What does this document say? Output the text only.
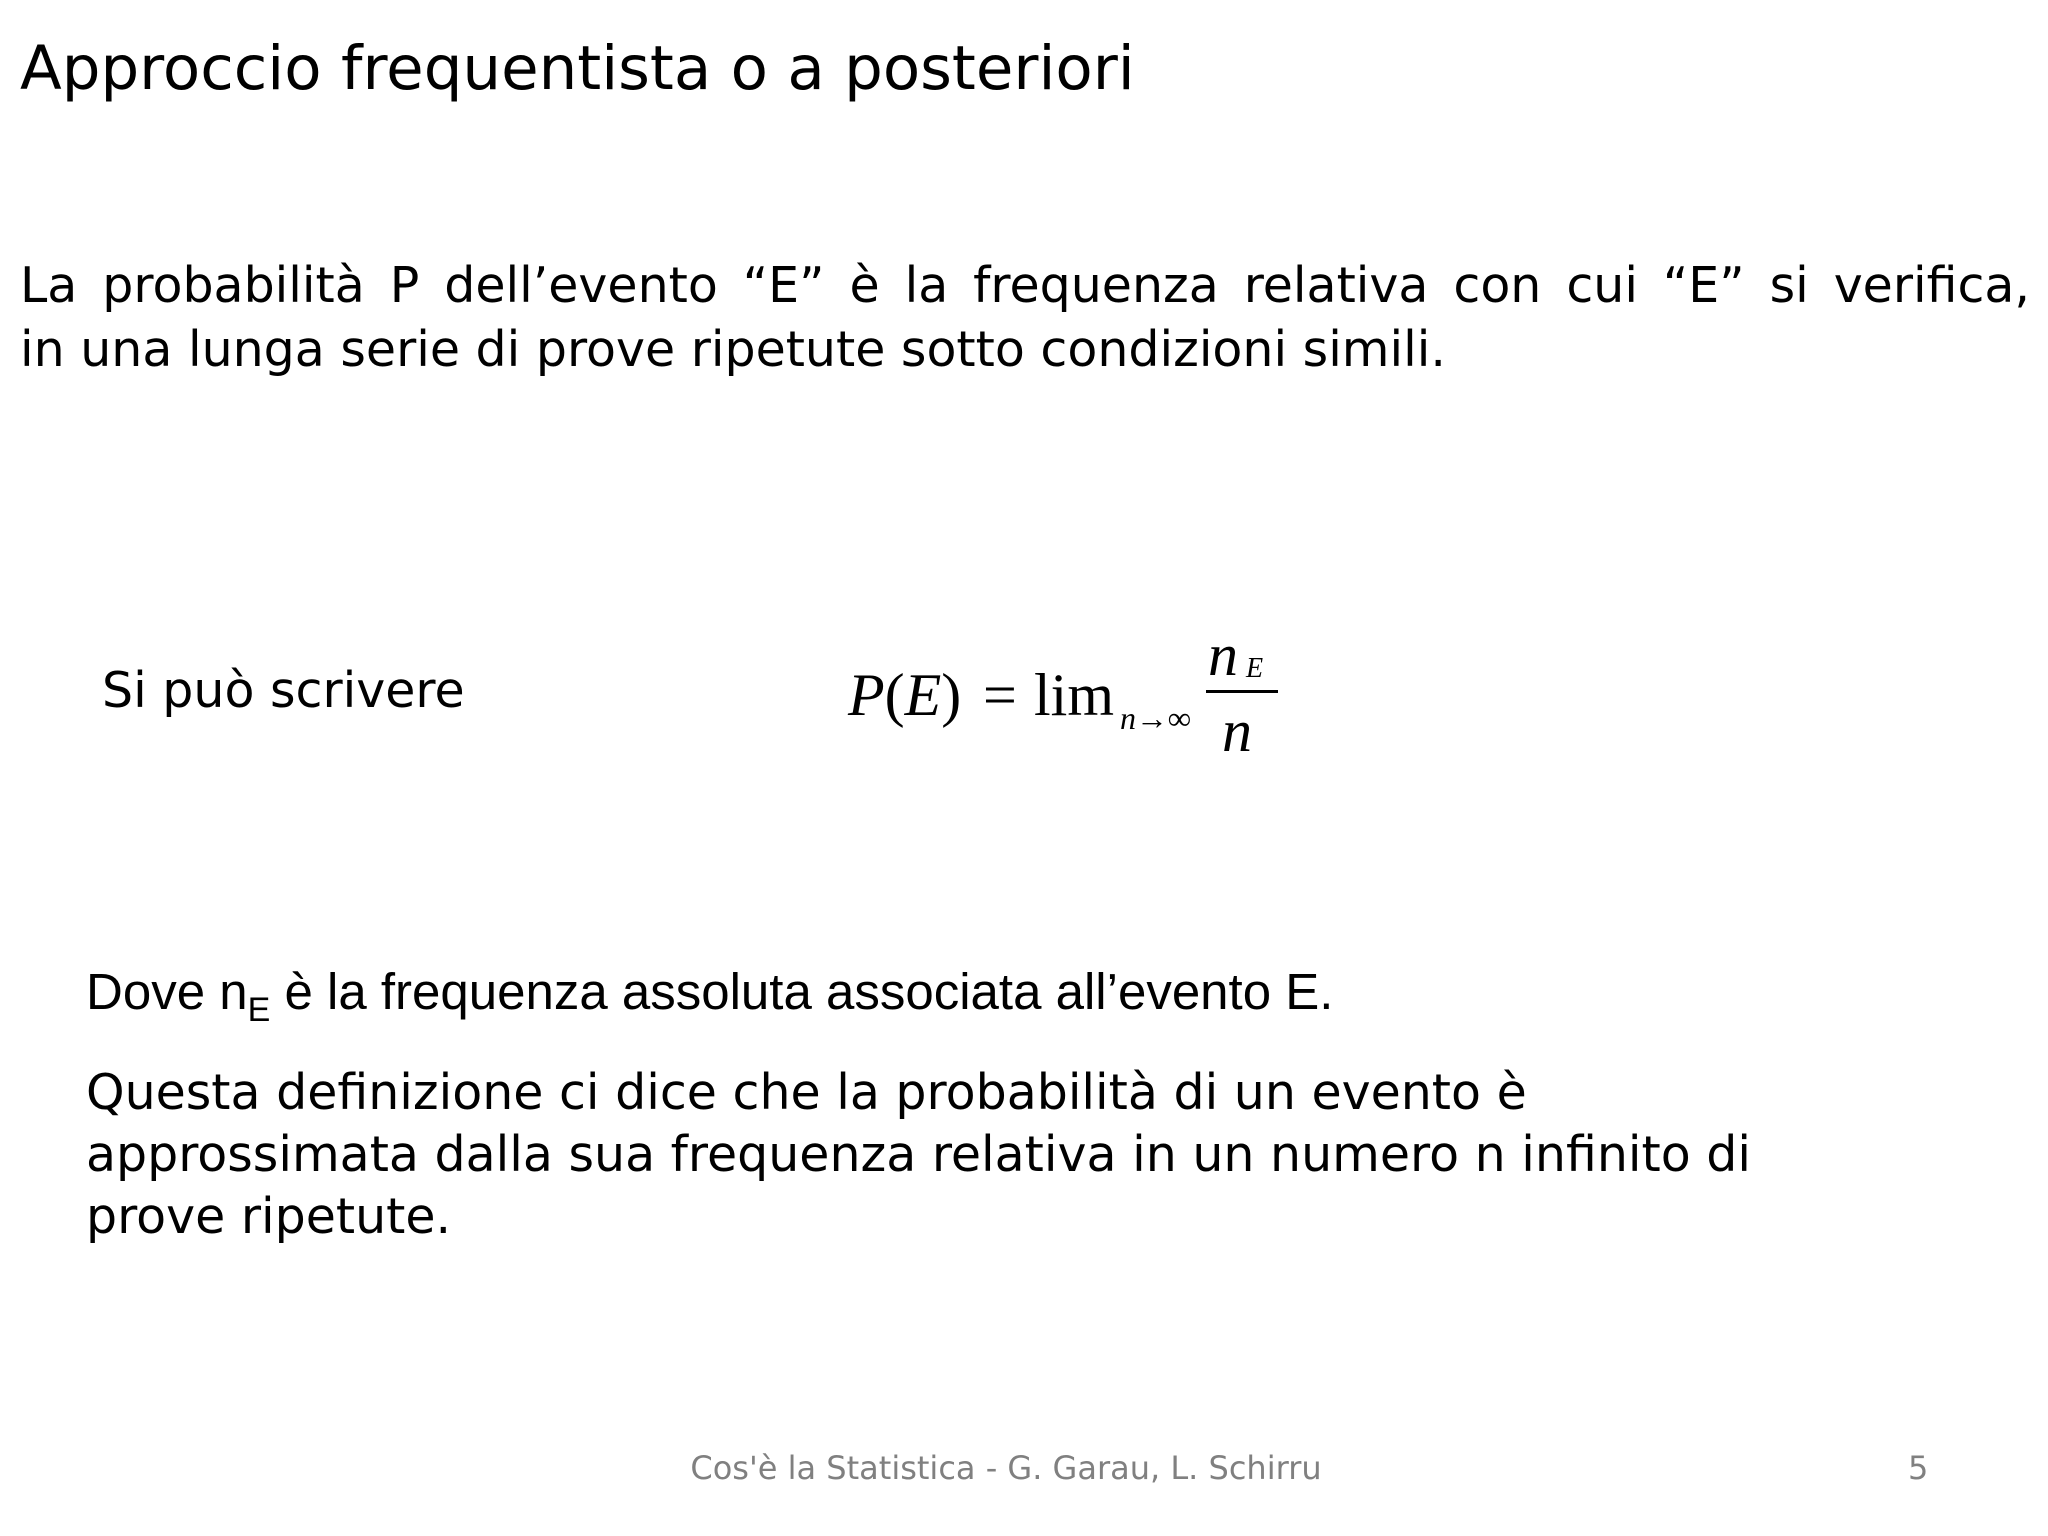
Approccio frequentista o a posteriori
La probabilità P dell’evento “E” è la frequenza relativa con cui “E” si verifica,
in una lunga serie di prove ripetute sotto condizioni simili.
Si può scrivere	P(E) = lim n→∞
n E
n
Dove $n_E$ è la frequenza assoluta associata all’evento E.
Questa definizione ci dice che la probabilità di un evento è
approssimata dalla sua frequenza relativa in un numero n infinito di
prove ripetute.
Cos'è la Statistica - G. Garau, L. Schirru	5
